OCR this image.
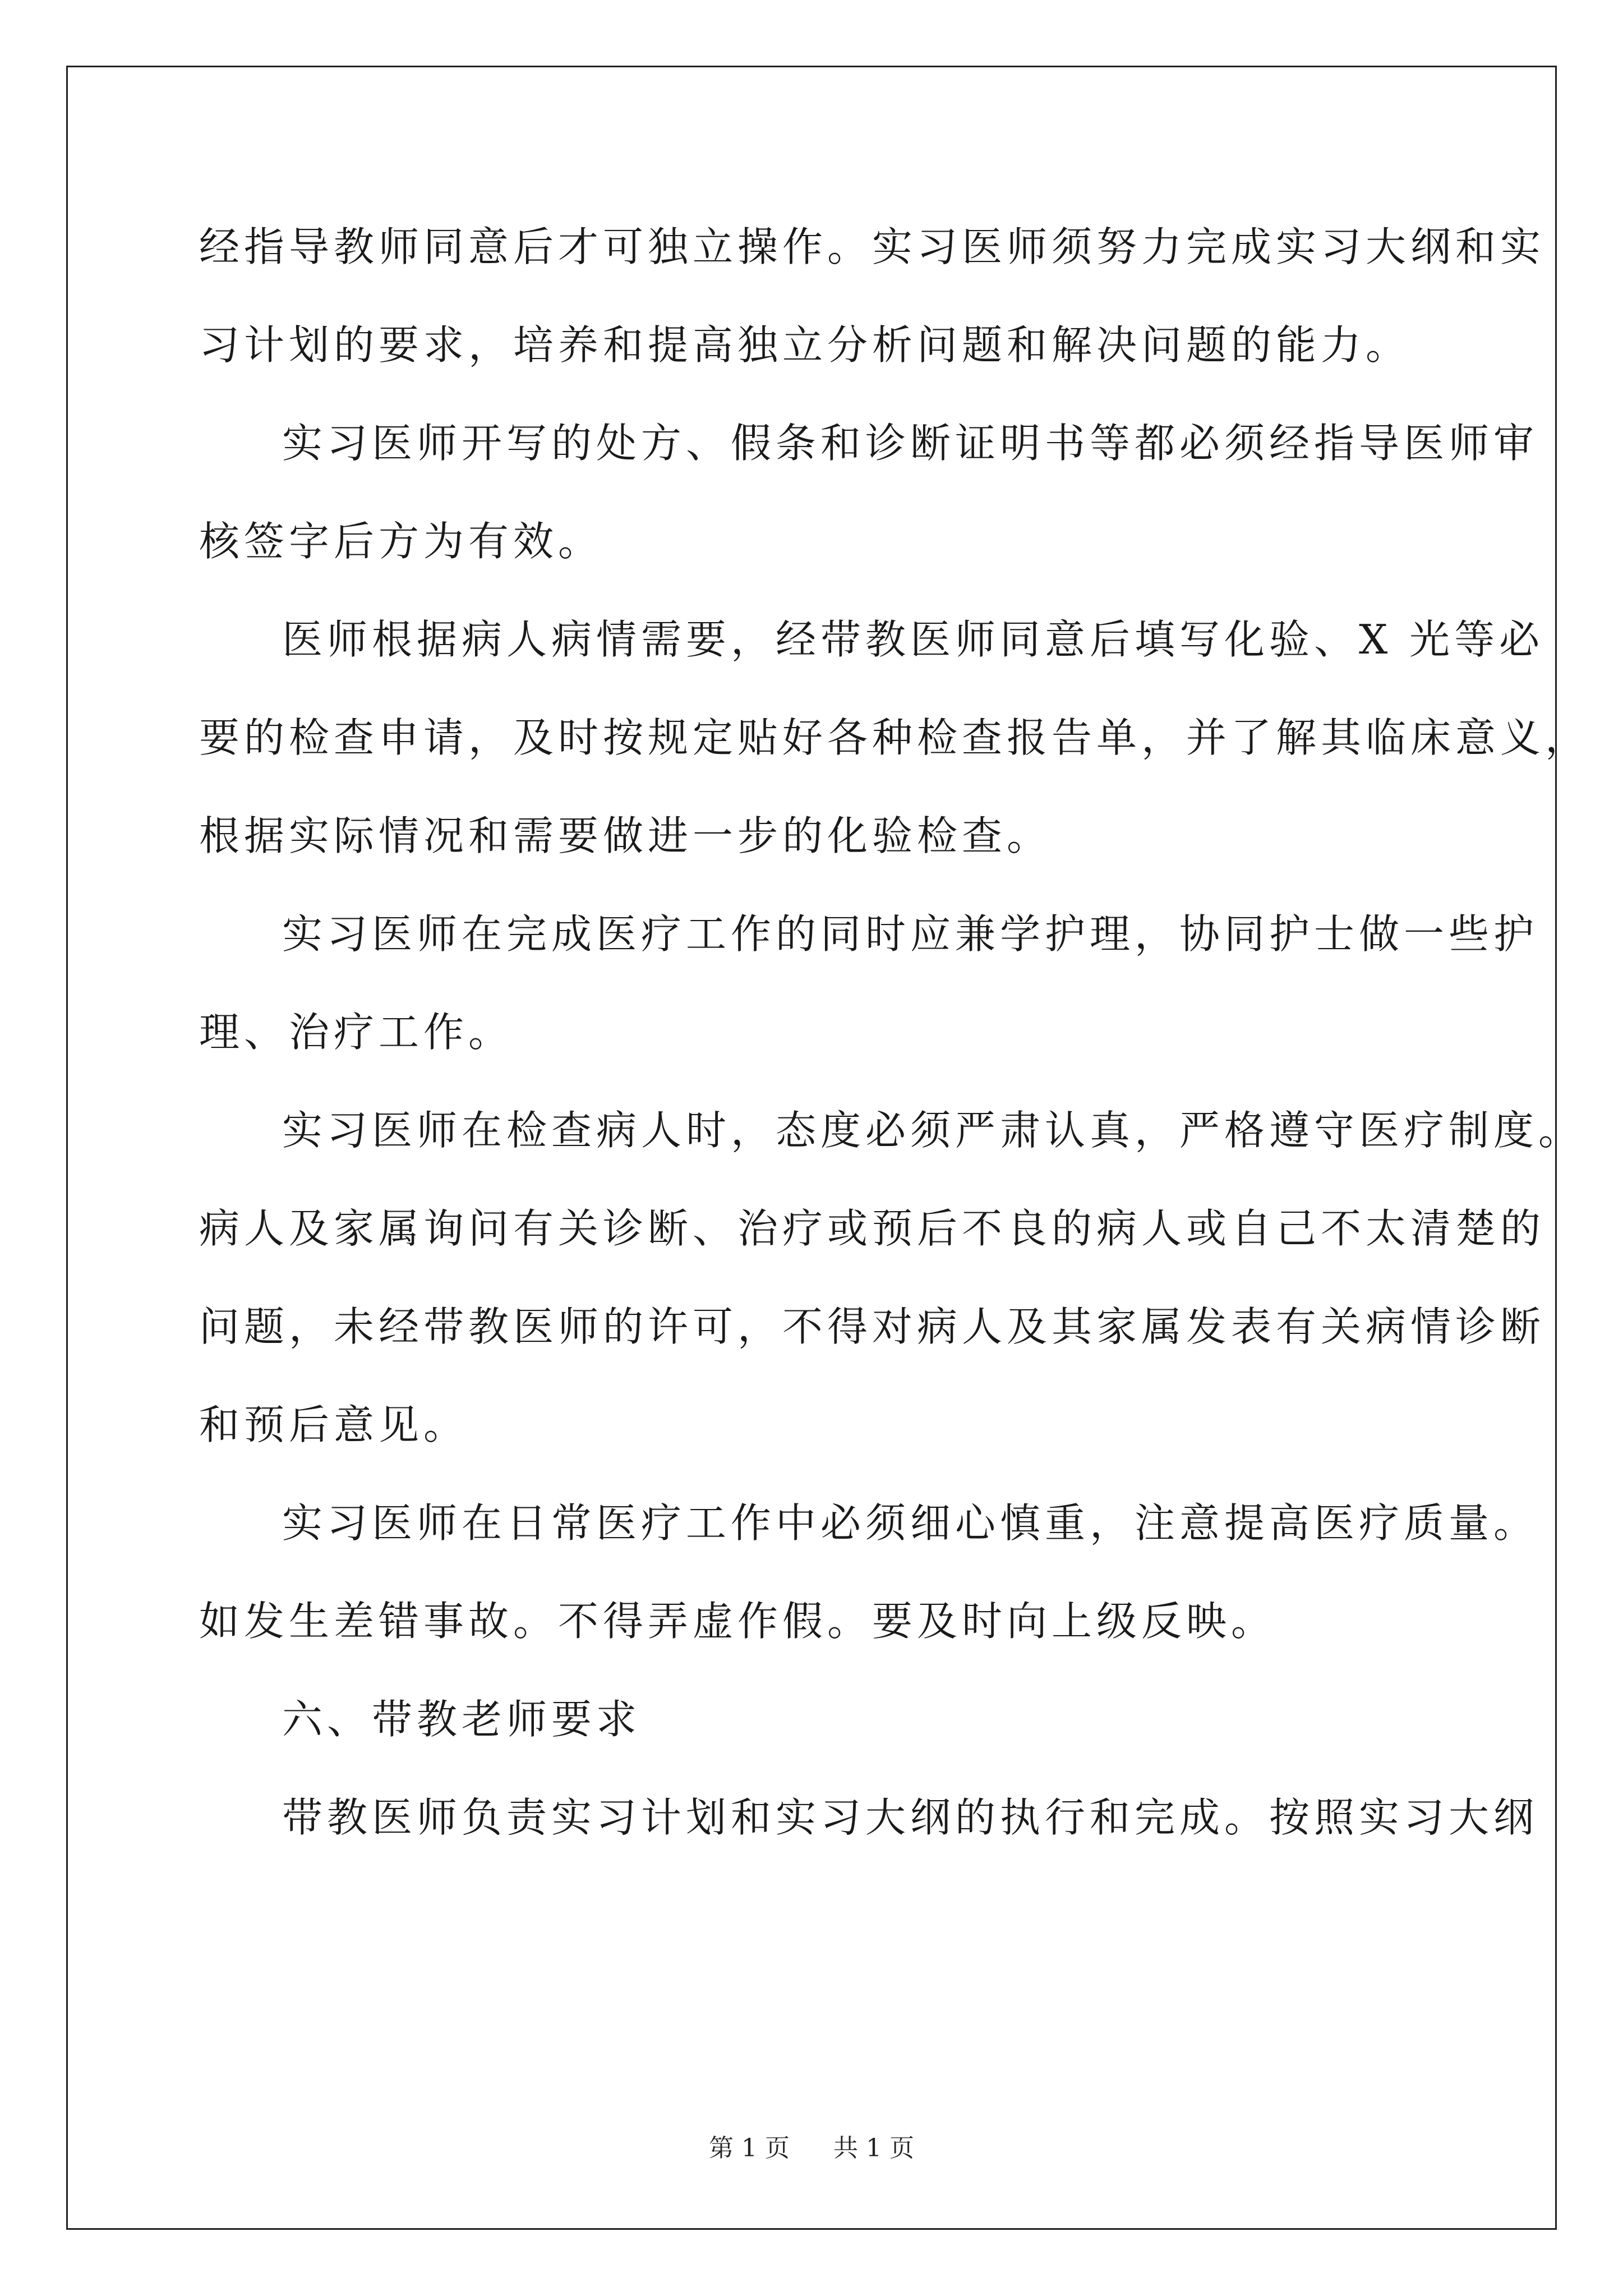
经指导教师同意后才可独立操作。实习医师须努力完成实习大纲和实
习计划的要求，培养和提高独立分析问题和解决问题的能力。
实习医师开写的处方、假条和诊断证明书等都必须经指导医师审
核签字后方为有效。
医师根据病人病情需要，经带教医师同意后填写化验、X 光等必
要的检查申请，及时按规定贴好各种检查报告单，并了解其临床意义，
根据实际情况和需要做进一步的化验检查。
实习医师在完成医疗工作的同时应兼学护理，协同护士做一些护
理、治疗工作。
实习医师在检查病人时，态度必须严肃认真，严格遵守医疗制度。
病人及家属询问有关诊断、治疗或预后不良的病人或自己不太清楚的
问题，未经带教医师的许可，不得对病人及其家属发表有关病情诊断
和预后意见。
实习医师在日常医疗工作中必须细心慎重，注意提高医疗质量。
如发生差错事故。不得弄虚作假。要及时向上级反映。
六、带教老师要求
带教医师负责实习计划和实习大纲的执行和完成。按照实习大纲
第 1 页 共 1 页
